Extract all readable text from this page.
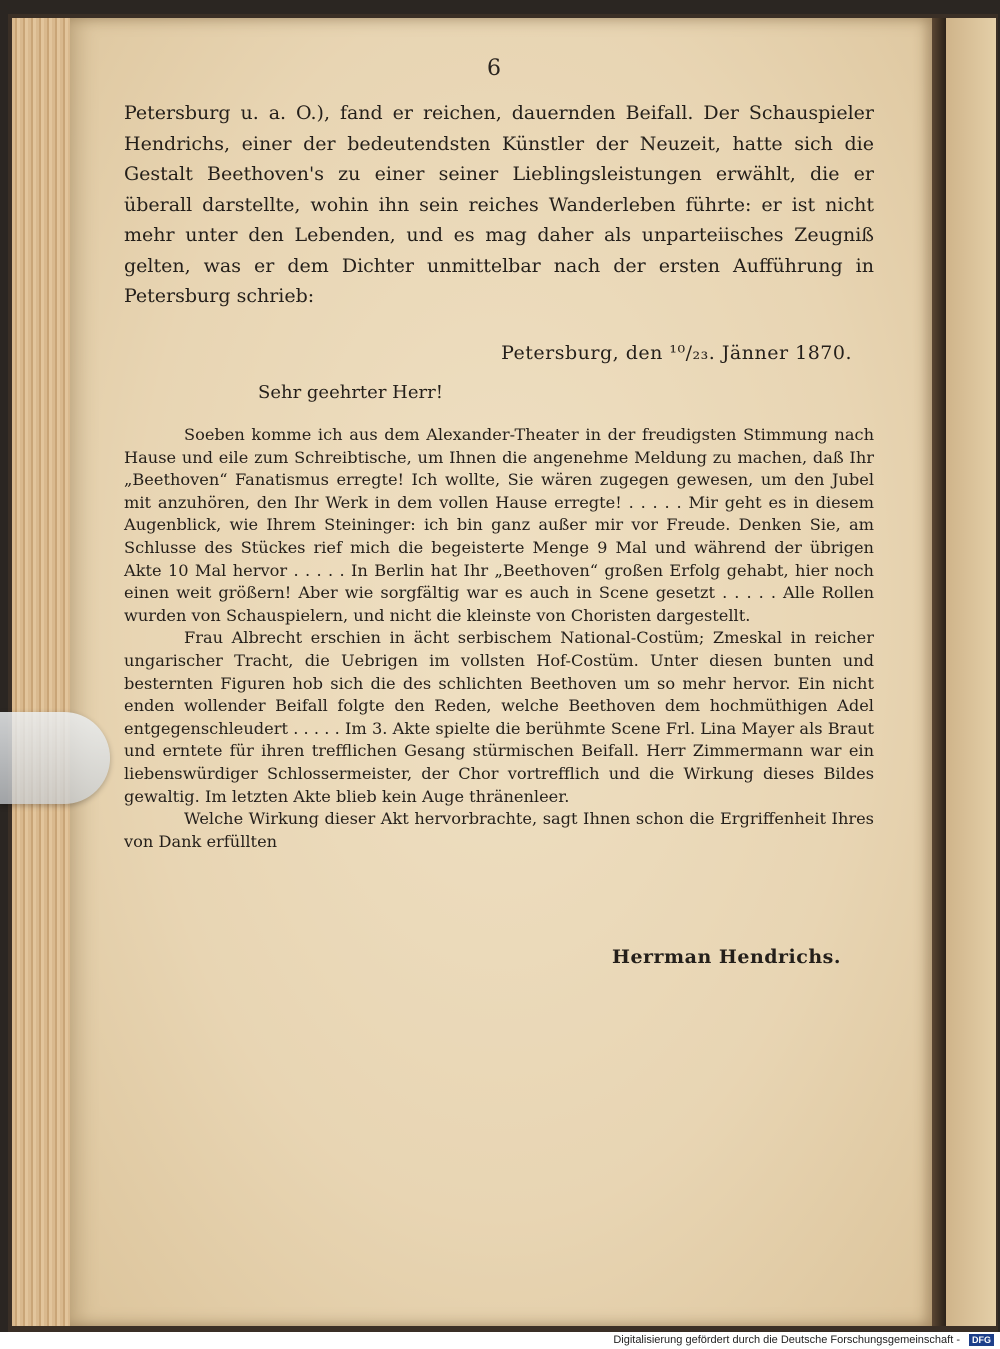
6

Petersburg u. a. O.), fand er reichen, dauernden Beifall. Der Schauspieler Hendrichs, einer der bedeutendsten Künstler der Neuzeit, hatte sich die Gestalt Beethoven's zu einer seiner Lieblingsleistungen erwählt, die er überall darstellte, wohin ihn sein reiches Wanderleben führte: er ist nicht mehr unter den Lebenden, und es mag daher als unparteiisches Zeugniß gelten, was er dem Dichter unmittelbar nach der ersten Aufführung in Petersburg schrieb:

Petersburg, den ¹⁰/₂₃. Jänner 1870.
Sehr geehrter Herr!

Soeben komme ich aus dem Alexander-Theater in der freudigsten Stimmung nach Hause und eile zum Schreibtische, um Ihnen die angenehme Meldung zu machen, daß Ihr „Beethoven“ Fanatismus erregte! Ich wollte, Sie wären zugegen gewesen, um den Jubel mit anzuhören, den Ihr Werk in dem vollen Hause erregte! . . . . . Mir geht es in diesem Augenblick, wie Ihrem Steininger: ich bin ganz außer mir vor Freude. Denken Sie, am Schlusse des Stückes rief mich die begeisterte Menge 9 Mal und während der übrigen Akte 10 Mal hervor . . . . . In Berlin hat Ihr „Beethoven“ großen Erfolg gehabt, hier noch einen weit größern! Aber wie sorgfältig war es auch in Scene gesetzt . . . . . Alle Rollen wurden von Schauspielern, und nicht die kleinste von Choristen dargestellt.

Frau Albrecht erschien in ächt serbischem National-Costüm; Zmeskal in reicher ungarischer Tracht, die Uebrigen im vollsten Hof-Costüm. Unter diesen bunten und besternten Figuren hob sich die des schlichten Beethoven um so mehr hervor. Ein nicht enden wollender Beifall folgte den Reden, welche Beethoven dem hochmüthigen Adel entgegenschleudert . . . . . Im 3. Akte spielte die berühmte Scene Frl. Lina Mayer als Braut und erntete für ihren trefflichen Gesang stürmischen Beifall. Herr Zimmermann war ein liebenswürdiger Schlossermeister, der Chor vortrefflich und die Wirkung dieses Bildes gewaltig. Im letzten Akte blieb kein Auge thränenleer.

Welche Wirkung dieser Akt hervorbrachte, sagt Ihnen schon die Ergriffenheit Ihres von Dank erfüllten

Herrman Hendrichs.
Digitalisierung gefördert durch die Deutsche Forschungsgemeinschaft -	DFG
